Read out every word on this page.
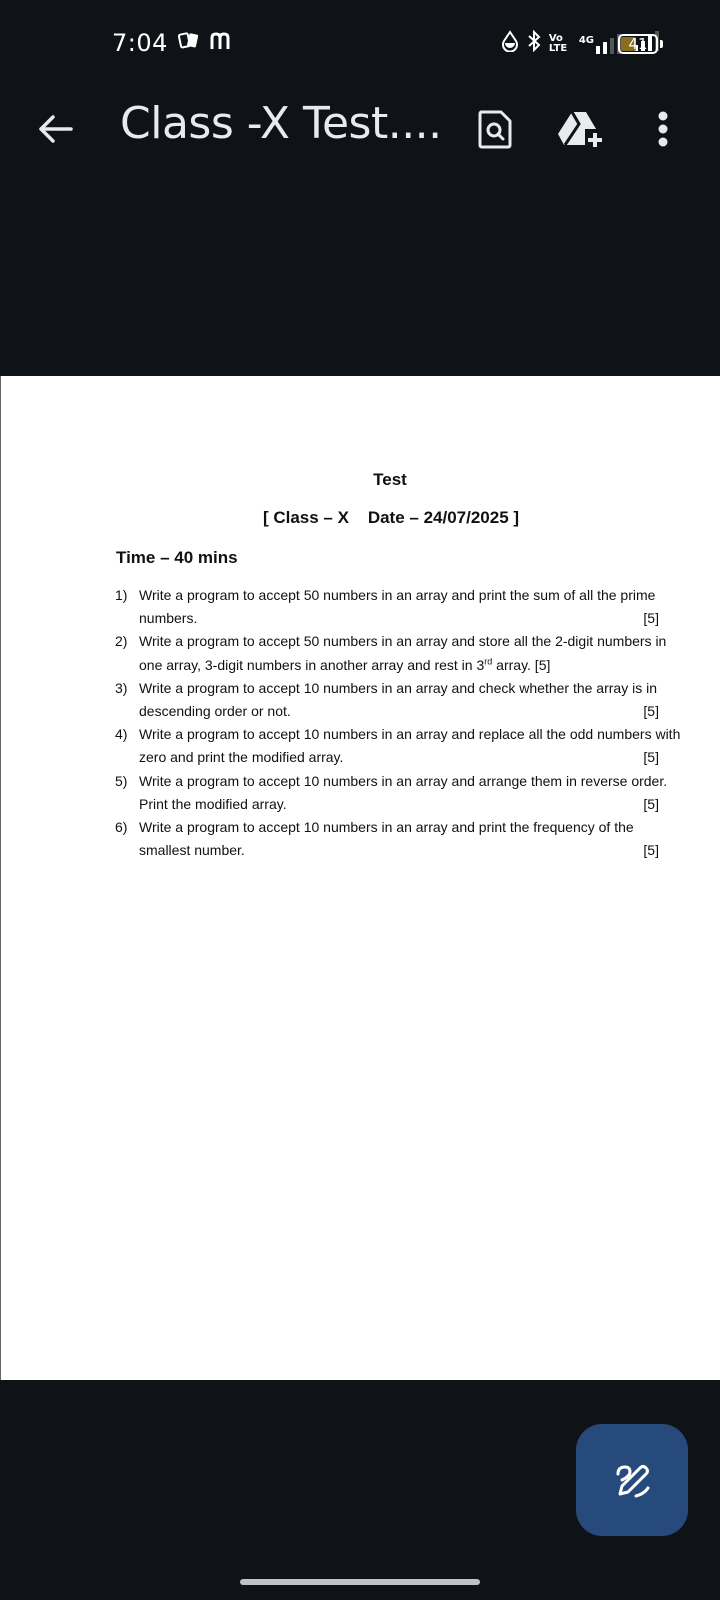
7:04	Vo LTE
4G 41
Class -X Test....
Test
[ Class – X    Date – 24/07/2025 ]
Time – 40 mins
1) Write a program to accept 50 numbers in an array and print the sum of all the prime numbers.	[5]
2) Write a program to accept 50 numbers in an array and store all the 2-digit numbers in one array, 3-digit numbers in another array and rest in 3rd array. [5]
3) Write a program to accept 10 numbers in an array and check whether the array is in descending order or not.	[5]
4) Write a program to accept 10 numbers in an array and replace all the odd numbers with zero and print the modified array.	[5]
5) Write a program to accept 10 numbers in an array and arrange them in reverse order. Print the modified array.	[5]
6) Write a program to accept 10 numbers in an array and print the frequency of the smallest number.	[5]
